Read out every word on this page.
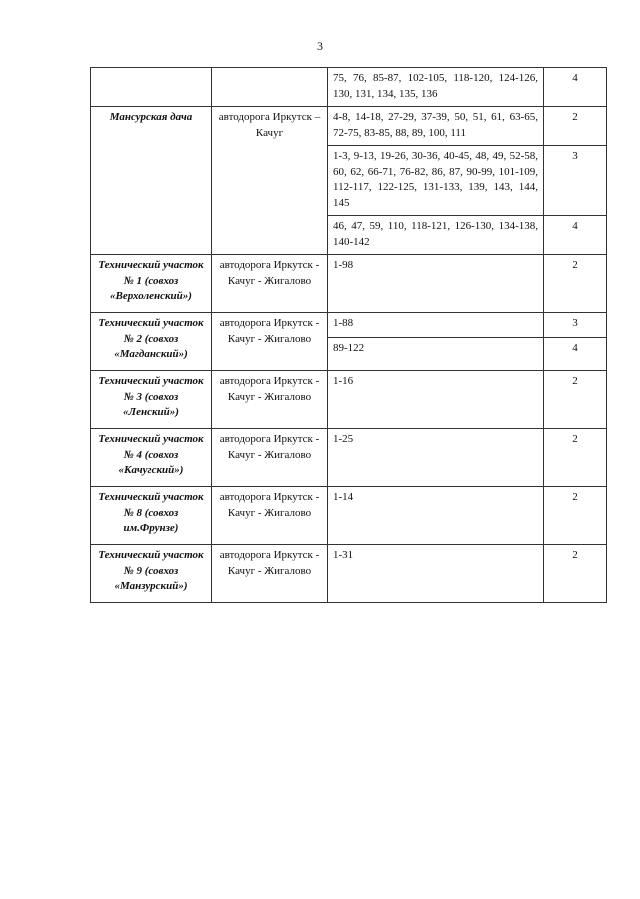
3
		75, 76, 85-87, 102-105, 118-120, 124-126, 130, 131, 134, 135, 136	4
Мансурская дача	автодорога Иркутск – Качуг	4-8, 14-18, 27-29, 37-39, 50, 51, 61, 63-65, 72-75, 83-85, 88, 89, 100, 111	2
		1-3, 9-13, 19-26, 30-36, 40-45, 48, 49, 52-58, 60, 62, 66-71, 76-82, 86, 87, 90-99, 101-109, 112-117, 122-125, 131-133, 139, 143, 144, 145	3
		46, 47, 59, 110, 118-121, 126-130, 134-138, 140-142	4
Технический участок № 1 (совхоз «Верхоленский»)	автодорога Иркутск - Качуг - Жигалово	1-98	2
Технический участок № 2 (совхоз «Магданский»)	автодорога Иркутск - Качуг - Жигалово	1-88	3
		89-122	4
Технический участок № 3 (совхоз «Ленский»)	автодорога Иркутск - Качуг - Жигалово	1-16	2
Технический участок № 4 (совхоз «Качугский»)	автодорога Иркутск - Качуг - Жигалово	1-25	2
Технический участок № 8 (совхоз им.Фрунзе)	автодорога Иркутск - Качуг - Жигалово	1-14	2
Технический участок № 9 (совхоз «Манзурский»)	автодорога Иркутск - Качуг - Жигалово	1-31	2
